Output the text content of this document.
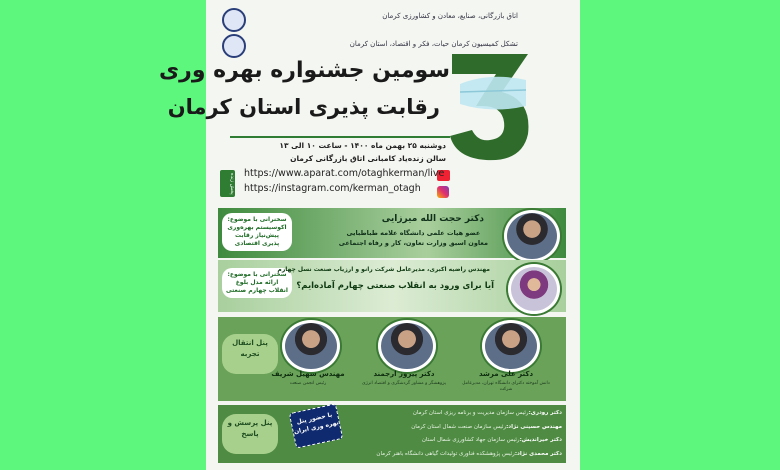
اتاق بازرگانی، صنایع، معادن و کشاورزی کرمان
تشکل کمیسیون کرمان حیات، فکر و اقتصاد، استان کرمان
سومین جشنواره بهره وری
رقابت پذیری استان کرمان
دوشنبه ۲۵ بهمن ماه ۱۴۰۰ - ساعت ۱۰ الی ۱۳
سالن زنده‌یاد کامبانی اتاق بازرگانی کرمان
پخش زنده https://www.aparat.com/otaghkerman/live
https://instagram.com/kerman_otagh
سخنرانی با موضوع: اکوسیستم بهره‌وری پیش‌نیاز رقابت پذیری اقتصادی
دکتر حجت الله میرزایی
عضو هیات علمی دانشگاه علامه طباطبایی
معاون اسبق وزارت تعاون، کار و رفاه اجتماعی
سخنرانی با موضوع: ارائه مدل بلوغ انقلاب چهارم صنعتی
مهندس راضیه اکبری، مدیرعامل شرکت رانو و ارزیاب صنعت نسل چهارم
آیا برای ورود به انقلاب صنعتی چهارم آماده‌ایم؟
پنل انتقال تجربه
دکتر علی مرشد
دکتر پیروز ارجمند
مهندس سهیل شریف
دانش آموخته دکترای دانشگاه تهران، مدیرعامل شرکت
پژوهشگر و مشاور گردشگری و اقتصاد انرژی
رئیس انجمن صنعت
پنل پرسش و پاسخ
با حضور پنل بهره وری ایران
دکتر رودری:رئیس سازمان مدیریت و برنامه ریزی استان کرمان
مهندس حسینی نژاد:رئیس سازمان صنعت شمال استان کرمان
دکتر خیراندیش:رئیس سازمان جهاد کشاورزی شمال استان
دکتر محمدی نژاد:رئیس پژوهشکده فناوری تولیدات گیاهی دانشگاه باهنر کرمان
